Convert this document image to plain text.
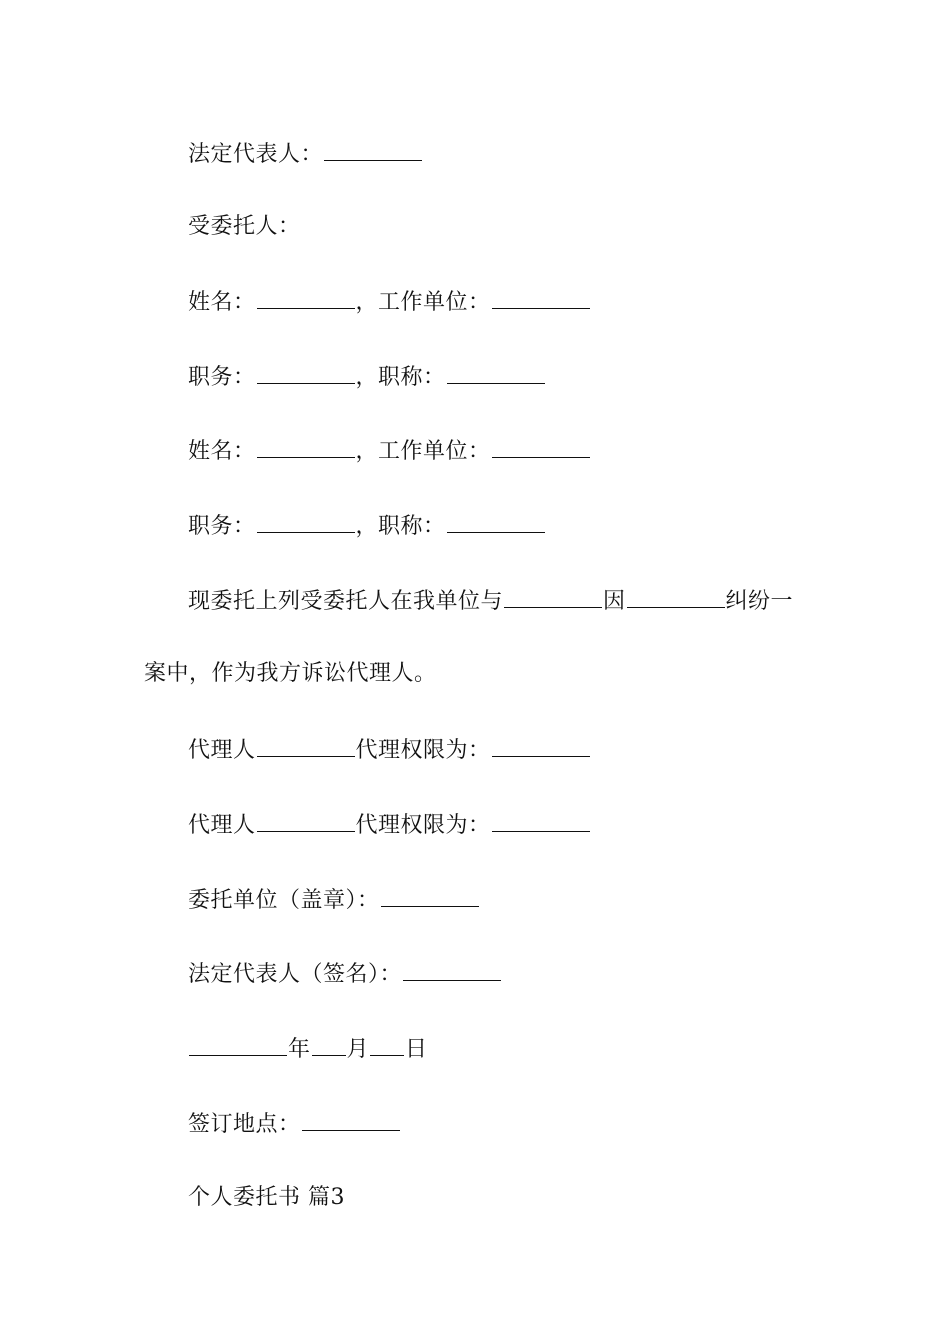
法定代表人：
受委托人：
姓名：	，工作单位：
职务：	，职称：
姓名：	，工作单位：
职务：	，职称：
现委托上列受委托人在我单位与	因	纠纷一
案中，作为我方诉讼代理人。
代理人	代理权限为：
代理人	代理权限为：
委托单位（盖章）：
法定代表人（签名）：
年 月 日
签订地点：
个人委托书 篇3
